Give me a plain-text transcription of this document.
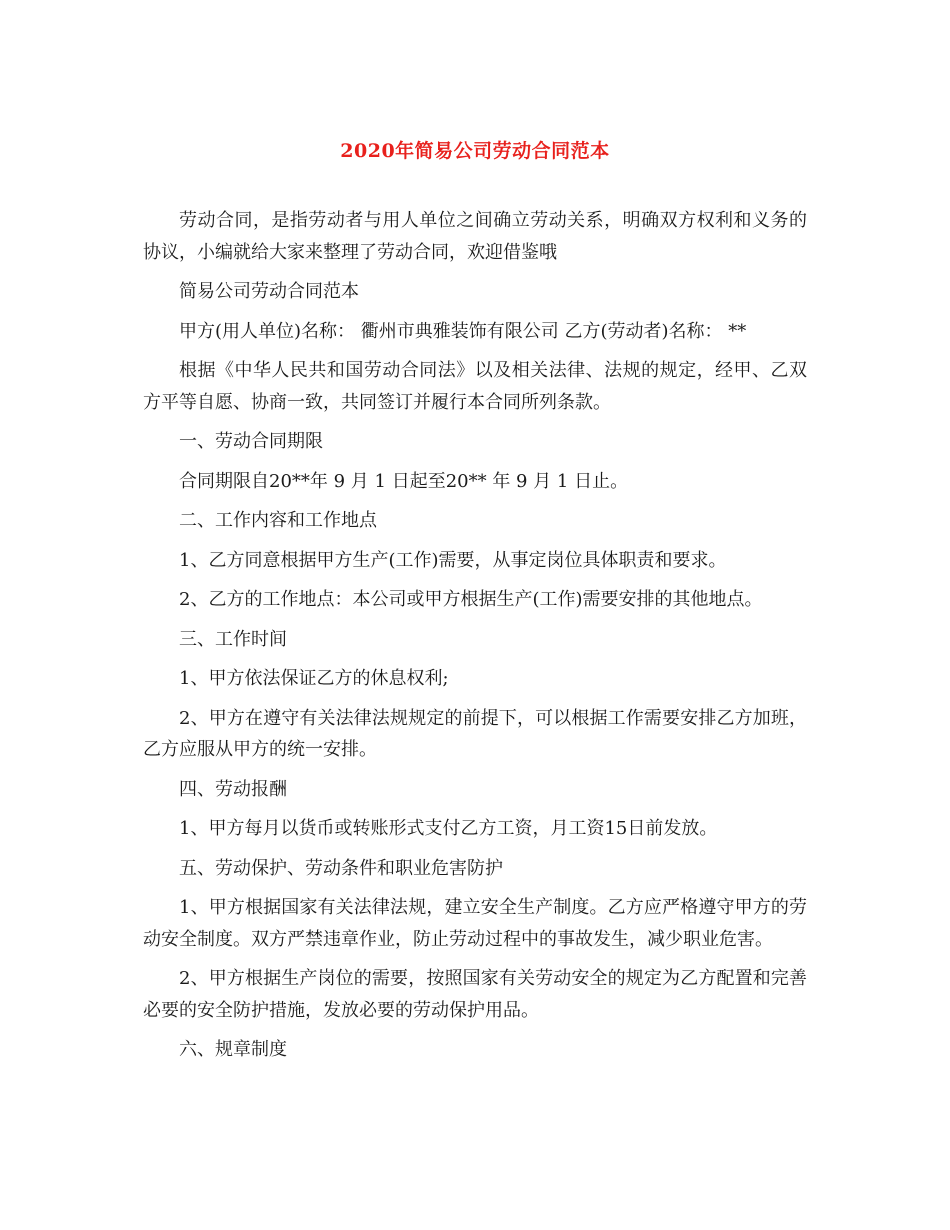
2020年简易公司劳动合同范本

劳动合同，是指劳动者与用人单位之间确立劳动关系，明确双方权利和义务的协议，小编就给大家来整理了劳动合同，欢迎借鉴哦

简易公司劳动合同范本

甲方(用人单位)名称： 衢州市典雅装饰有限公司 乙方(劳动者)名称： **

根据《中华人民共和国劳动合同法》以及相关法律、法规的规定，经甲、乙双方平等自愿、协商一致，共同签订并履行本合同所列条款。

一、劳动合同期限

合同期限自20**年 9 月 1 日起至20** 年 9 月 1 日止。

二、工作内容和工作地点

1、乙方同意根据甲方生产(工作)需要，从事定岗位具体职责和要求。

2、乙方的工作地点：本公司或甲方根据生产(工作)需要安排的其他地点。

三、工作时间

1、甲方依法保证乙方的休息权利;

2、甲方在遵守有关法律法规规定的前提下，可以根据工作需要安排乙方加班，乙方应服从甲方的统一安排。

四、劳动报酬

1、甲方每月以货币或转账形式支付乙方工资，月工资15日前发放。

五、劳动保护、劳动条件和职业危害防护

1、甲方根据国家有关法律法规，建立安全生产制度。乙方应严格遵守甲方的劳动安全制度。双方严禁违章作业，防止劳动过程中的事故发生，减少职业危害。

2、甲方根据生产岗位的需要，按照国家有关劳动安全的规定为乙方配置和完善必要的安全防护措施，发放必要的劳动保护用品。

六、规章制度
